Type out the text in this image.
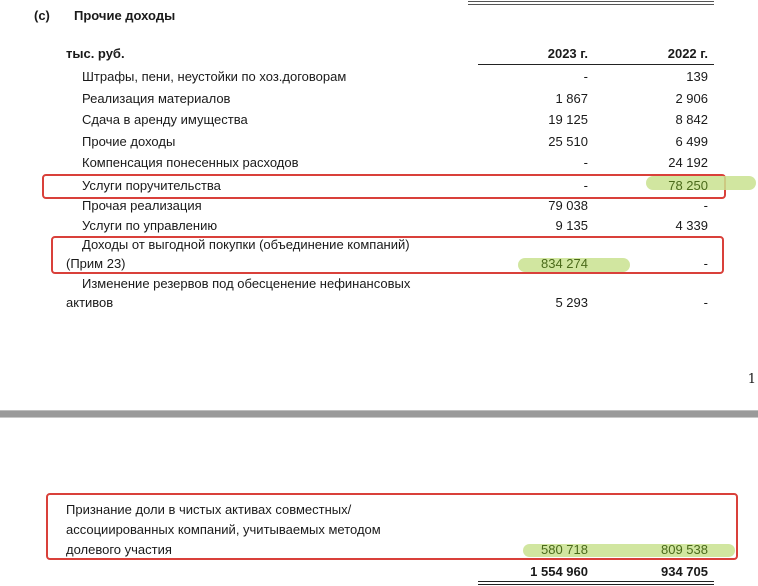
(c) Прочие доходы
тыс. руб.	2023 г.	2022 г.
Штрафы, пени, неустойки по хоз.договорам	-	139
Реализация материалов	1 867	2 906
Сдача в аренду имущества	19 125	8 842
Прочие доходы	25 510	6 499
Компенсация понесенных расходов	-	24 192
Услуги поручительства	-	78 250
Прочая реализация	79 038	-
Услуги по управлению	9 135	4 339
Доходы от выгодной покупки (объединение компаний)
(Прим 23)	834 274	-
Изменение резервов под обесценение нефинансовых
активов	5 293	-
1
Признание доли в чистых активах совместных/
ассоциированных компаний, учитываемых методом
долевого участия	580 718	809 538
1 554 960	934 705
